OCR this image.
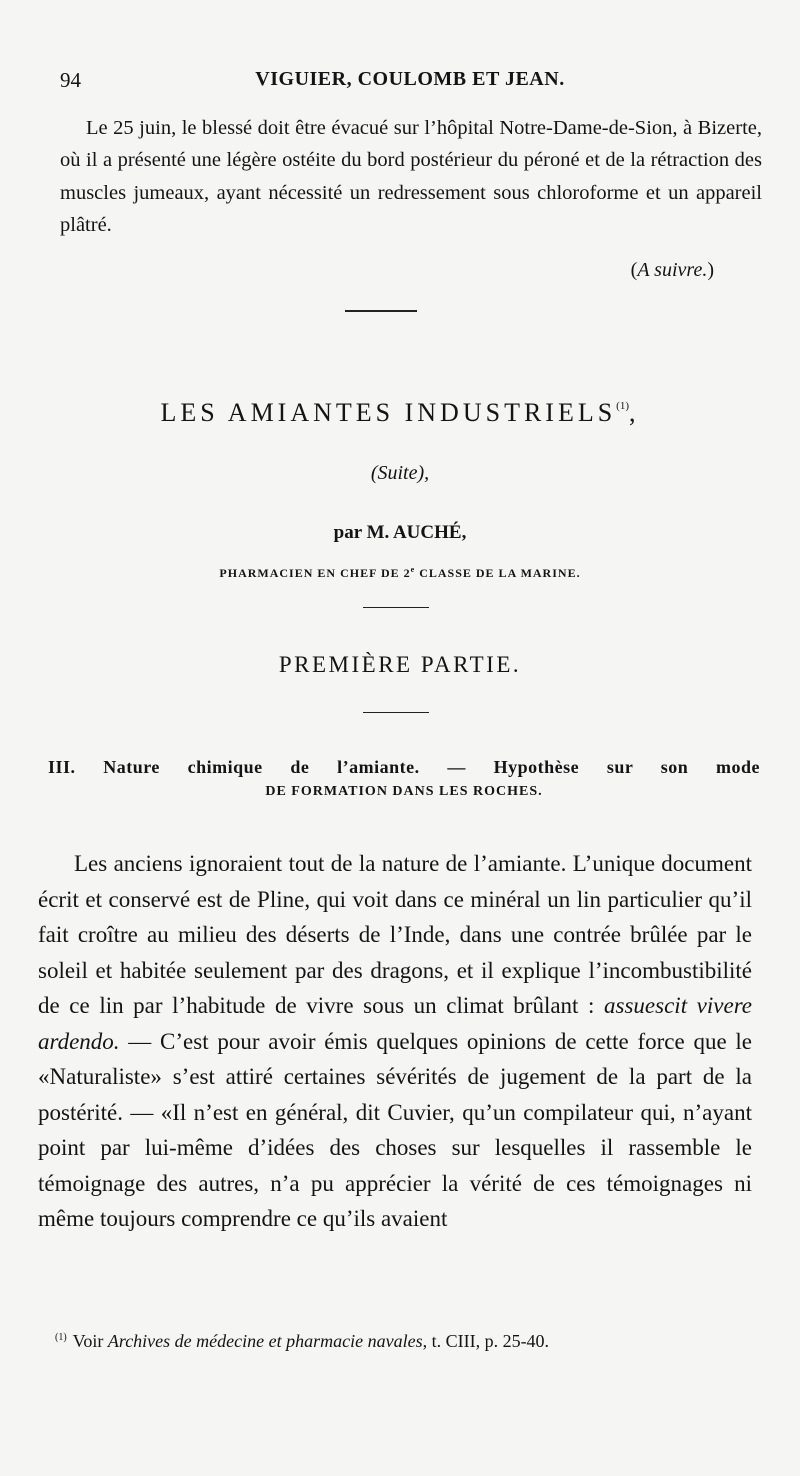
94	VIGUIER, COULOMB ET JEAN.

Le 25 juin, le blessé doit être évacué sur l’hôpital Notre-Dame-de-Sion, à Bizerte, où il a présenté une légère ostéite du bord postérieur du péroné et de la rétraction des muscles jumeaux, ayant nécessité un redressement sous chloroforme et un appareil plâtré.

(A suivre.)
LES AMIANTES INDUSTRIELS$^{(1)}$,
(Suite),
par M. AUCHÉ,
PHARMACIEN EN CHEF DE 2e CLASSE DE LA MARINE.
PREMIÈRE PARTIE.
III. Nature chimique de l’amiante. — Hypothèse sur son mode
DE FORMATION DANS LES ROCHES.

Les anciens ignoraient tout de la nature de l’amiante. L’unique document écrit et conservé est de Pline, qui voit dans ce minéral un lin particulier qu’il fait croître au milieu des déserts de l’Inde, dans une contrée brûlée par le soleil et habitée seulement par des dragons, et il explique l’incombustibilité de ce lin par l’habitude de vivre sous un climat brûlant : assuescit vivere ardendo. — C’est pour avoir émis quelques opinions de cette force que le «Naturaliste» s’est attiré certaines sévérités de jugement de la part de la postérité. — «Il n’est en général, dit Cuvier, qu’un compilateur qui, n’ayant point par lui-même d’idées des choses sur lesquelles il rassemble le témoignage des autres, n’a pu apprécier la vérité de ces témoignages ni même toujours comprendre ce qu’ils avaient

$^{(1)}$ Voir Archives de médecine et pharmacie navales, t. CIII, p. 25-40.
